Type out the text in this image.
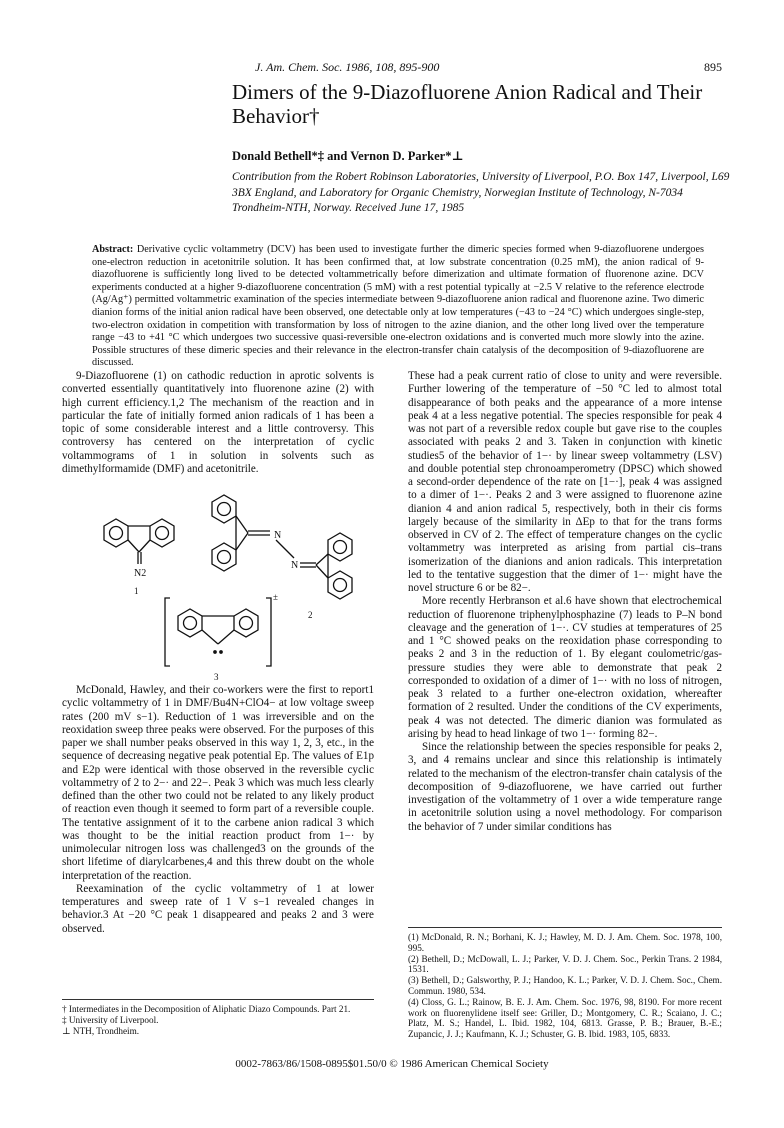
J. Am. Chem. Soc. 1986, 108, 895-900	895
Dimers of the 9-Diazofluorene Anion Radical and Their Behavior†
Donald Bethell*‡ and Vernon D. Parker*⊥
Contribution from the Robert Robinson Laboratories, University of Liverpool, P.O. Box 147, Liverpool, L69 3BX England, and Laboratory for Organic Chemistry, Norwegian Institute of Technology, N-7034 Trondheim-NTH, Norway. Received June 17, 1985
Abstract: Derivative cyclic voltammetry (DCV) has been used to investigate further the dimeric species formed when 9-diazofluorene undergoes one-electron reduction in acetonitrile solution. It has been confirmed that, at low substrate concentration (0.25 mM), the anion radical of 9-diazofluorene is sufficiently long lived to be detected voltammetrically before dimerization and ultimate formation of fluorenone azine. DCV experiments conducted at a higher 9-diazofluorene concentration (5 mM) with a rest potential typically at −2.5 V relative to the reference electrode (Ag/Ag⁺) permitted voltammetric examination of the species intermediate between 9-diazofluorene anion radical and fluorenone azine. Two dimeric dianion forms of the initial anion radical have been observed, one detectable only at low temperatures (−43 to −24 °C) which undergoes single-step, two-electron oxidation in competition with transformation by loss of nitrogen to the azine dianion, and the other long lived over the temperature range −43 to +41 °C which undergoes two successive quasi-reversible one-electron oxidations and is converted much more slowly into the azine. Possible structures of these dimeric species and their relevance in the electron-transfer chain catalysis of the decomposition of 9-diazofluorene are discussed.

9-Diazofluorene (1) on cathodic reduction in aprotic solvents is converted essentially quantitatively into fluorenone azine (2) with high current efficiency.1,2 The mechanism of the reaction and in particular the fate of initially formed anion radicals of 1 has been a topic of some considerable interest and a little controversy. This controversy has centered on the interpretation of cyclic voltammograms of 1 in solution in solvents such as dimethylformamide (DMF) and acetonitrile.

N2
1
N
N
2
±
3

McDonald, Hawley, and their co-workers were the first to report1 cyclic voltammetry of 1 in DMF/Bu4N+ClO4− at low voltage sweep rates (200 mV s−1). Reduction of 1 was irreversible and on the reoxidation sweep three peaks were observed. For the purposes of this paper we shall number peaks observed in this way 1, 2, 3, etc., in the sequence of decreasing negative peak potential Ep. The values of E1p and E2p were identical with those observed in the reversible cyclic voltammetry of 2 to 2−· and 22−. Peak 3 which was much less clearly defined than the other two could not be related to any likely product of reaction even though it seemed to form part of a reversible couple. The tentative assignment of it to the carbene anion radical 3 which was thought to be the initial reaction product from 1−· by unimolecular nitrogen loss was challenged3 on the grounds of the short lifetime of diarylcarbenes,4 and this threw doubt on the whole interpretation of the reaction.

Reexamination of the cyclic voltammetry of 1 at lower temperatures and sweep rate of 1 V s−1 revealed changes in behavior.3 At −20 °C peak 1 disappeared and peaks 2 and 3 were observed.

These had a peak current ratio of close to unity and were reversible. Further lowering of the temperature of −50 °C led to almost total disappearance of both peaks and the appearance of a more intense peak 4 at a less negative potential. The species responsible for peak 4 was not part of a reversible redox couple but gave rise to the couples associated with peaks 2 and 3. Taken in conjunction with kinetic studies5 of the behavior of 1−· by linear sweep voltammetry (LSV) and double potential step chronoamperometry (DPSC) which showed a second-order dependence of the rate on [1−·], peak 4 was assigned to a dimer of 1−·. Peaks 2 and 3 were assigned to fluorenone azine dianion 4 and anion radical 5, respectively, both in their cis forms largely because of the similarity in ΔEp to that for the trans forms observed in CV of 2. The effect of temperature changes on the cyclic voltammetry was interpreted as arising from partial cis–trans isomerization of the dianions and anion radicals. This interpretation led to the tentative suggestion that the dimer of 1−· might have the novel structure 6 or be 82−.

More recently Herbranson et al.6 have shown that electrochemical reduction of fluorenone triphenylphosphazine (7) leads to P–N bond cleavage and the generation of 1−·. CV studies at temperatures of 25 and 1 °C showed peaks on the reoxidation phase corresponding to peaks 2 and 3 in the reduction of 1. By elegant coulometric/gas-pressure studies they were able to demonstrate that peak 2 corresponded to oxidation of a dimer of 1−· with no loss of nitrogen, peak 3 related to a further one-electron oxidation, whereafter formation of 2 resulted. Under the conditions of the CV experiments, peak 4 was not detected. The dimeric dianion was formulated as arising by head to head linkage of two 1−· forming 82−.

Since the relationship between the species responsible for peaks 2, 3, and 4 remains unclear and since this relationship is intimately related to the mechanism of the electron-transfer chain catalysis of the decomposition of 9-diazofluorene, we have carried out further investigation of the voltammetry of 1 over a wide temperature range in acetonitrile solution using a novel methodology. For comparison the behavior of 7 under similar conditions has

† Intermediates in the Decomposition of Aliphatic Diazo Compounds. Part 21.
‡ University of Liverpool.
⊥ NTH, Trondheim.
(1) McDonald, R. N.; Borhani, K. J.; Hawley, M. D. J. Am. Chem. Soc. 1978, 100, 995.
(2) Bethell, D.; McDowall, L. J.; Parker, V. D. J. Chem. Soc., Perkin Trans. 2 1984, 1531.
(3) Bethell, D.; Galsworthy, P. J.; Handoo, K. L.; Parker, V. D. J. Chem. Soc., Chem. Commun. 1980, 534.
(4) Closs, G. L.; Rainow, B. E. J. Am. Chem. Soc. 1976, 98, 8190. For more recent work on fluorenylidene itself see: Griller, D.; Montgomery, C. R.; Scaiano, J. C.; Platz, M. S.; Handel, L. Ibid. 1982, 104, 6813. Grasse, P. B.; Brauer, B.-E.; Zupancic, J. J.; Kaufmann, K. J.; Schuster, G. B. Ibid. 1983, 105, 6833.
0002-7863/86/1508-0895$01.50/0 © 1986 American Chemical Society
